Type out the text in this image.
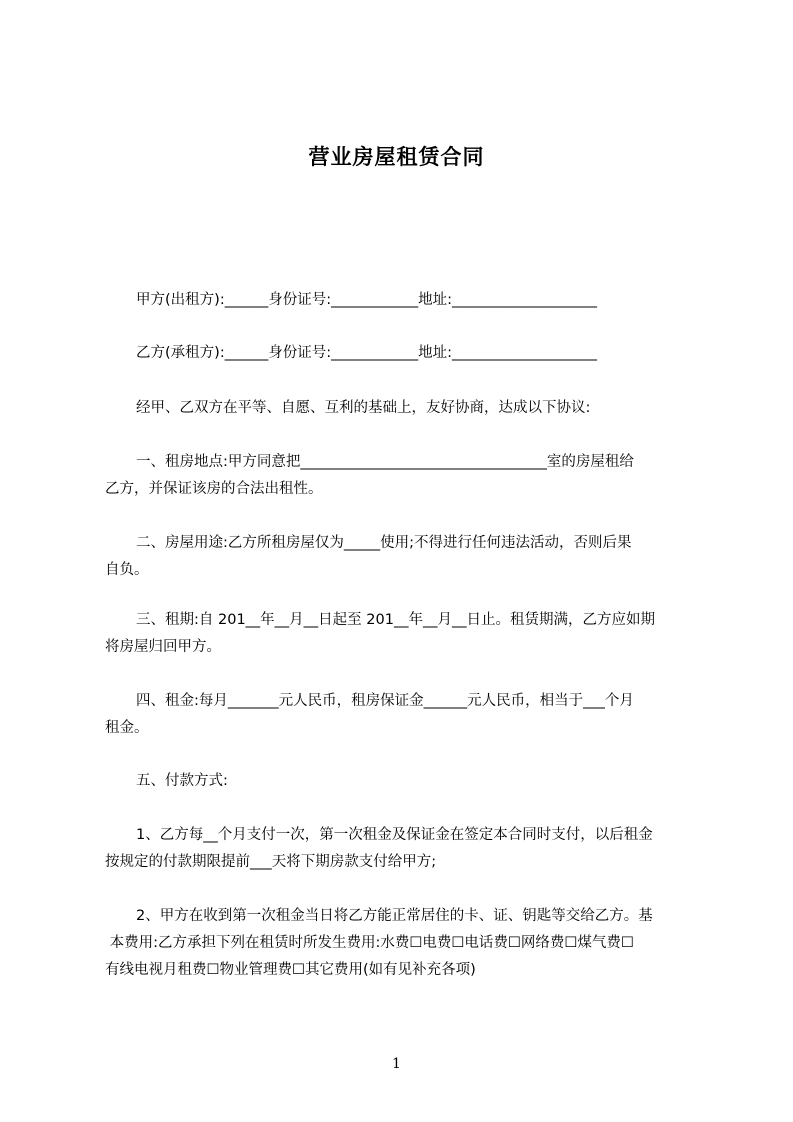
营业房屋租赁合同
甲方(出租方):______身份证号:____________地址:____________________
乙方(承租方):______身份证号:____________地址:____________________
经甲、乙双方在平等、自愿、互利的基础上，友好协商，达成以下协议:
一、租房地点:甲方同意把__________________________________室的房屋租给
乙方，并保证该房的合法出租性。
二、房屋用途:乙方所租房屋仅为_____使用;不得进行任何违法活动，否则后果
自负。
三、租期:自 201__年__月__日起至 201__年__月__日止。租赁期满，乙方应如期
将房屋归回甲方。
四、租金:每月_______元人民币，租房保证金______元人民币，相当于___个月
租金。
五、付款方式:
1、乙方每__个月支付一次，第一次租金及保证金在签定本合同时支付，以后租金
按规定的付款期限提前___天将下期房款支付给甲方;
2、甲方在收到第一次租金当日将乙方能正常居住的卡、证、钥匙等交给乙方。基
本费用:乙方承担下列在租赁时所发生费用:水费☐电费☐电话费☐网络费☐煤气费☐
有线电视月租费☐物业管理费☐其它费用(如有见补充各项)
1
